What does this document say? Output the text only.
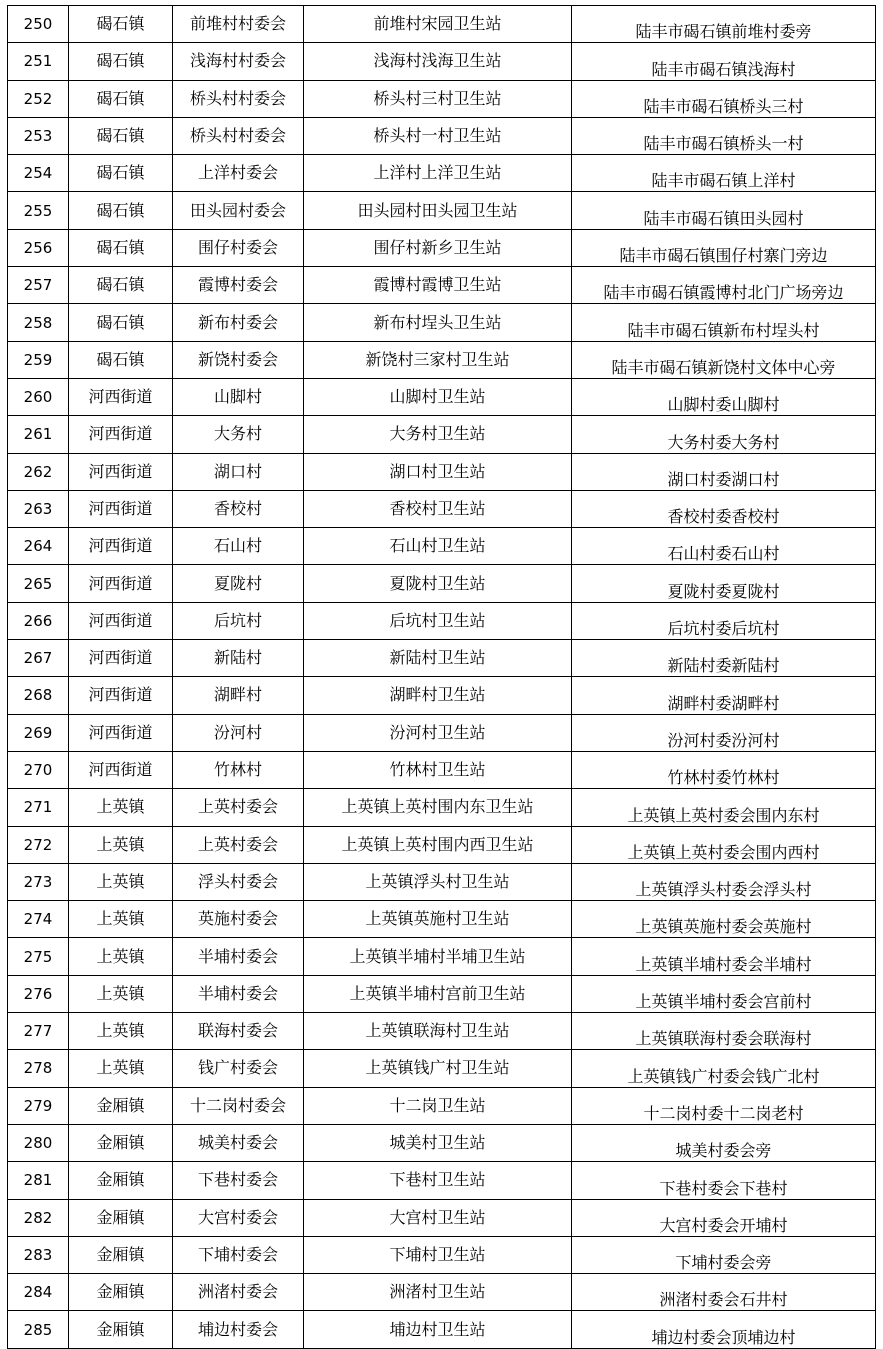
250	碣石镇	前堆村村委会	前堆村宋园卫生站	陆丰市碣石镇前堆村委旁
251	碣石镇	浅海村村委会	浅海村浅海卫生站	陆丰市碣石镇浅海村
252	碣石镇	桥头村村委会	桥头村三村卫生站	陆丰市碣石镇桥头三村
253	碣石镇	桥头村村委会	桥头村一村卫生站	陆丰市碣石镇桥头一村
254	碣石镇	上洋村委会	上洋村上洋卫生站	陆丰市碣石镇上洋村
255	碣石镇	田头园村委会	田头园村田头园卫生站	陆丰市碣石镇田头园村
256	碣石镇	围仔村委会	围仔村新乡卫生站	陆丰市碣石镇围仔村寨门旁边
257	碣石镇	霞博村委会	霞博村霞博卫生站	陆丰市碣石镇霞博村北门广场旁边
258	碣石镇	新布村委会	新布村埕头卫生站	陆丰市碣石镇新布村埕头村
259	碣石镇	新饶村委会	新饶村三家村卫生站	陆丰市碣石镇新饶村文体中心旁
260	河西街道	山脚村	山脚村卫生站	山脚村委山脚村
261	河西街道	大务村	大务村卫生站	大务村委大务村
262	河西街道	湖口村	湖口村卫生站	湖口村委湖口村
263	河西街道	香校村	香校村卫生站	香校村委香校村
264	河西街道	石山村	石山村卫生站	石山村委石山村
265	河西街道	夏陇村	夏陇村卫生站	夏陇村委夏陇村
266	河西街道	后坑村	后坑村卫生站	后坑村委后坑村
267	河西街道	新陆村	新陆村卫生站	新陆村委新陆村
268	河西街道	湖畔村	湖畔村卫生站	湖畔村委湖畔村
269	河西街道	汾河村	汾河村卫生站	汾河村委汾河村
270	河西街道	竹林村	竹林村卫生站	竹林村委竹林村
271	上英镇	上英村委会	上英镇上英村围内东卫生站	上英镇上英村委会围内东村
272	上英镇	上英村委会	上英镇上英村围内西卫生站	上英镇上英村委会围内西村
273	上英镇	浮头村委会	上英镇浮头村卫生站	上英镇浮头村委会浮头村
274	上英镇	英施村委会	上英镇英施村卫生站	上英镇英施村委会英施村
275	上英镇	半埔村委会	上英镇半埔村半埔卫生站	上英镇半埔村委会半埔村
276	上英镇	半埔村委会	上英镇半埔村宫前卫生站	上英镇半埔村委会宫前村
277	上英镇	联海村委会	上英镇联海村卫生站	上英镇联海村委会联海村
278	上英镇	钱广村委会	上英镇钱广村卫生站	上英镇钱广村委会钱广北村
279	金厢镇	十二岗村委会	十二岗卫生站	十二岗村委十二岗老村
280	金厢镇	城美村委会	城美村卫生站	城美村委会旁
281	金厢镇	下巷村委会	下巷村卫生站	下巷村委会下巷村
282	金厢镇	大宫村委会	大宫村卫生站	大宫村委会开埔村
283	金厢镇	下埔村委会	下埔村卫生站	下埔村委会旁
284	金厢镇	洲渚村委会	洲渚村卫生站	洲渚村委会石井村
285	金厢镇	埔边村委会	埔边村卫生站	埔边村委会顶埔边村
